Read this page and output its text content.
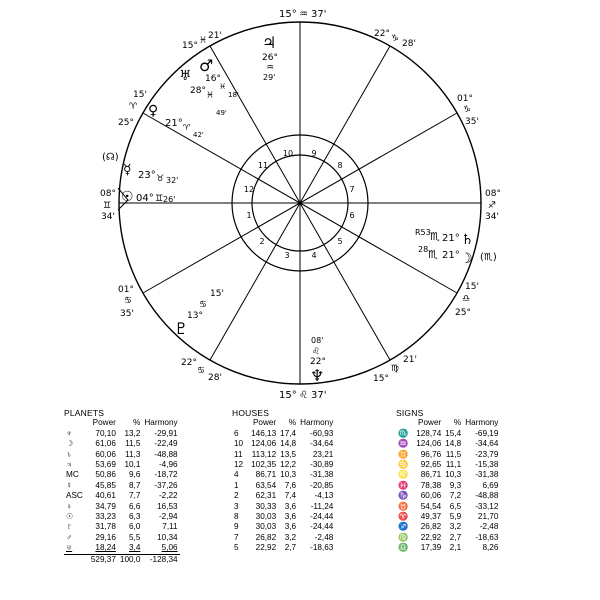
1
2
3	4
5
6
7
8
9
10
11
12
15° ♒ 37'
15° ♌ 37'
08°
♊
34'
08°
♐
34'
22° ♑ 28'
01°
♑
35'
01°
♋
35'
22°
♋
28'
21'
♍
15°
15'
♎
25°
15° ♓ 21'
15'
♈
25°
♃
26°
♒
29'
♅
28° ♓
♂
16°
♓
18'
49'
♀
21° ♈
42'
(☊)
☿ 23° ♉ 32'
☉ 04° ♊ 26'
R53 ♏ 21° ♄
28 ♏ 21° ☽ (♏)
15'
♋
13°
♇
08'
♌
22°
♆
PLANETS
	Power	%	Harmony
♆	70,10	13,2	-29,91
☽	61,06	11,5	-22,49
♄	60,06	11,3	-48,88
♃	53,69	10,1	-4,96
MC	50,86	9,6	-18,72
☿	45,85	8,7	-37,26
ASC	40,61	7,7	-2,22
♀	34,79	6,6	16,53
☉	33,23	6,3	-2,94
♇	31,78	6,0	7,11
♂	29,16	5,5	10,34
♅	18,24	3,4	5,06
	529,37	100,0	-128,34
HOUSES
	Power	%	Harmony
6	146,13	17,4	-60,93
10	124,06	14,8	-34,64
11	113,12	13,5	23,21
12	102,35	12,2	-30,89
4	86,71	10,3	-31,38
1	63,54	7,6	-20,85
2	62,31	7,4	-4,13
3	30,33	3,6	-11,24
8	30,03	3,6	-24,44
9	30,03	3,6	-24,44
7	26,82	3,2	-2,48
5	22,92	2,7	-18,63
SIGNS
	Power	%	Harmony
♏	128,74	15,4	-69,19
♒	124,06	14,8	-34,64
♊	96,76	11,5	-23,79
♋	92,65	11,1	-15,38
♌	86,71	10,3	-31,38
♓	78,38	9,3	6,69
♑	60,06	7,2	-48,88
♉	54,54	6,5	-33,12
♈	49,37	5,9	21,70
♐	26,82	3,2	-2,48
♍	22,92	2,7	-18,63
♎	17,39	2,1	8,26
